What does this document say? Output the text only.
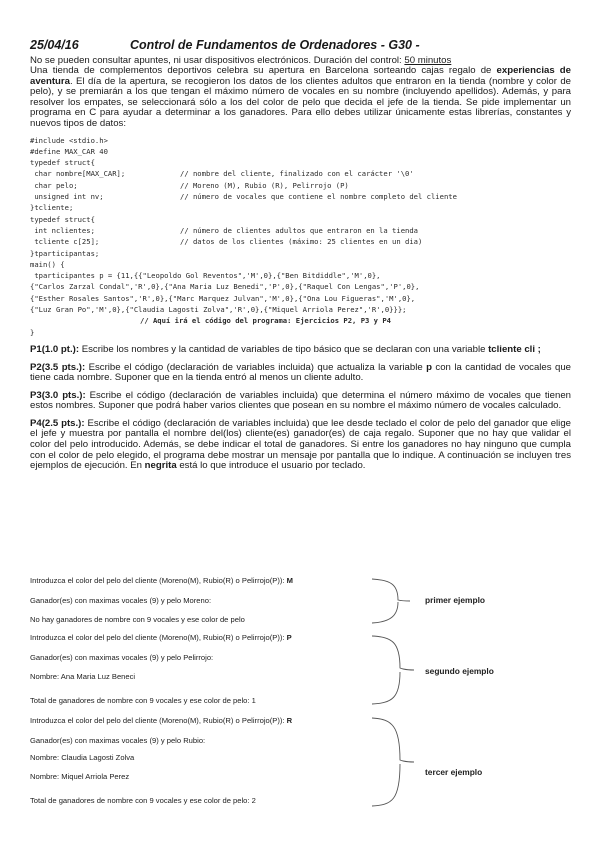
25/04/16	Control de Fundamentos de Ordenadores - G30 -
No se pueden consultar apuntes, ni usar dispositivos electrónicos. Duración del control: 50 minutos

Una tienda de complementos deportivos celebra su apertura en Barcelona sorteando cajas regalo de experiencias de aventura. El día de la apertura, se recogieron los datos de los clientes adultos que entraron en la tienda (nombre y color de pelo), y se premiarán a los que tengan el máximo número de vocales en su nombre (incluyendo apellidos). Además, y para resolver los empates, se seleccionará sólo a los del color de pelo que decida el jefe de la tienda. Se pide implementar un programa en C para ayudar a determinar a los ganadores. Para ello debes utilizar únicamente estas librerías, constantes y nuevos tipos de datos:

#include <stdio.h>
#define MAX_CAR 40
typedef struct{
char nombre[MAX_CAR];	// nombre del cliente, finalizado con el carácter '\0'
char pelo;	// Moreno (M), Rubio (R), Pelirrojo (P)
unsigned int nv;	// número de vocales que contiene el nombre completo del cliente
}tcliente;
typedef struct{
int nclientes;	// número de clientes adultos que entraron en la tienda
tcliente c[25];	// datos de los clientes (máximo: 25 clientes en un dia)
}tparticipantas;
main() {
tparticipantes p = {11,{{"Leopoldo Gol Reventos",'M',0},{"Ben Bitdiddle",'M',0},
{"Carlos Zarzal Condal",'R',0},{"Ana Maria Luz Benedi",'P',0},{"Raquel Con Lengas",'P',0},
{"Esther Rosales Santos",'R',0},{"Marc Marquez Julvan",'M',0},{"Ona Lou Figueras",'M',0},
{"Luz Gran Po",'M',0},{"Claudia Lagosti Zolva",'R',0},{"Miquel Arriola Perez",'R',0}}};
// Aquí irá el código del programa: Ejercicios P2, P3 y P4
}
P1(1.0 pt.): Escribe los nombres y la cantidad de variables de tipo básico que se declaran con una variable tcliente cli ;
P2(3.5 pts.): Escribe el código (declaración de variables incluida) que actualiza la variable p con la cantidad de vocales que tiene cada nombre. Suponer que en la tienda entró al menos un cliente adulto.
P3(3.0 pts.): Escribe el código (declaración de variables incluida) que determina el número máximo de vocales que tienen estos nombres. Suponer que podrá haber varios clientes que posean en su nombre el máximo número de vocales calculado.
P4(2.5 pts.): Escribe el código (declaración de variables incluida) que lee desde teclado el color de pelo del ganador que elige el jefe y muestra por pantalla el nombre del(los) cliente(es) ganador(es) de caja regalo. Suponer que no hay que validar el color del pelo introducido. Además, se debe indicar el total de ganadores. Si entre los ganadores no hay ninguno que cumpla con el color de pelo elegido, el programa debe mostrar un mensaje por pantalla que lo indique. A continuación se incluyen tres ejemplos de ejecución. En negrita está lo que introduce el usuario por teclado.
Introduzca el color del pelo del cliente (Moreno(M), Rubio(R) o Pelirrojo(P)): M
Ganador(es) con maximas vocales (9) y pelo Moreno:
No hay ganadores de nombre con 9 vocales y ese color de pelo
Introduzca el color del pelo del cliente (Moreno(M), Rubio(R) o Pelirrojo(P)): P
Ganador(es) con maximas vocales (9) y pelo Pelirrojo:
Nombre: Ana Maria Luz Beneci
Total de ganadores de nombre con 9 vocales y ese color de pelo: 1
Introduzca el color del pelo del cliente (Moreno(M), Rubio(R) o Pelirrojo(P)): R
Ganador(es) con maximas vocales (9) y pelo Rubio:
Nombre: Claudia Lagosti Zolva
Nombre: Miquel Arriola Perez
Total de ganadores de nombre con 9 vocales y ese color de pelo: 2
primer ejemplo
segundo ejemplo
tercer ejemplo
